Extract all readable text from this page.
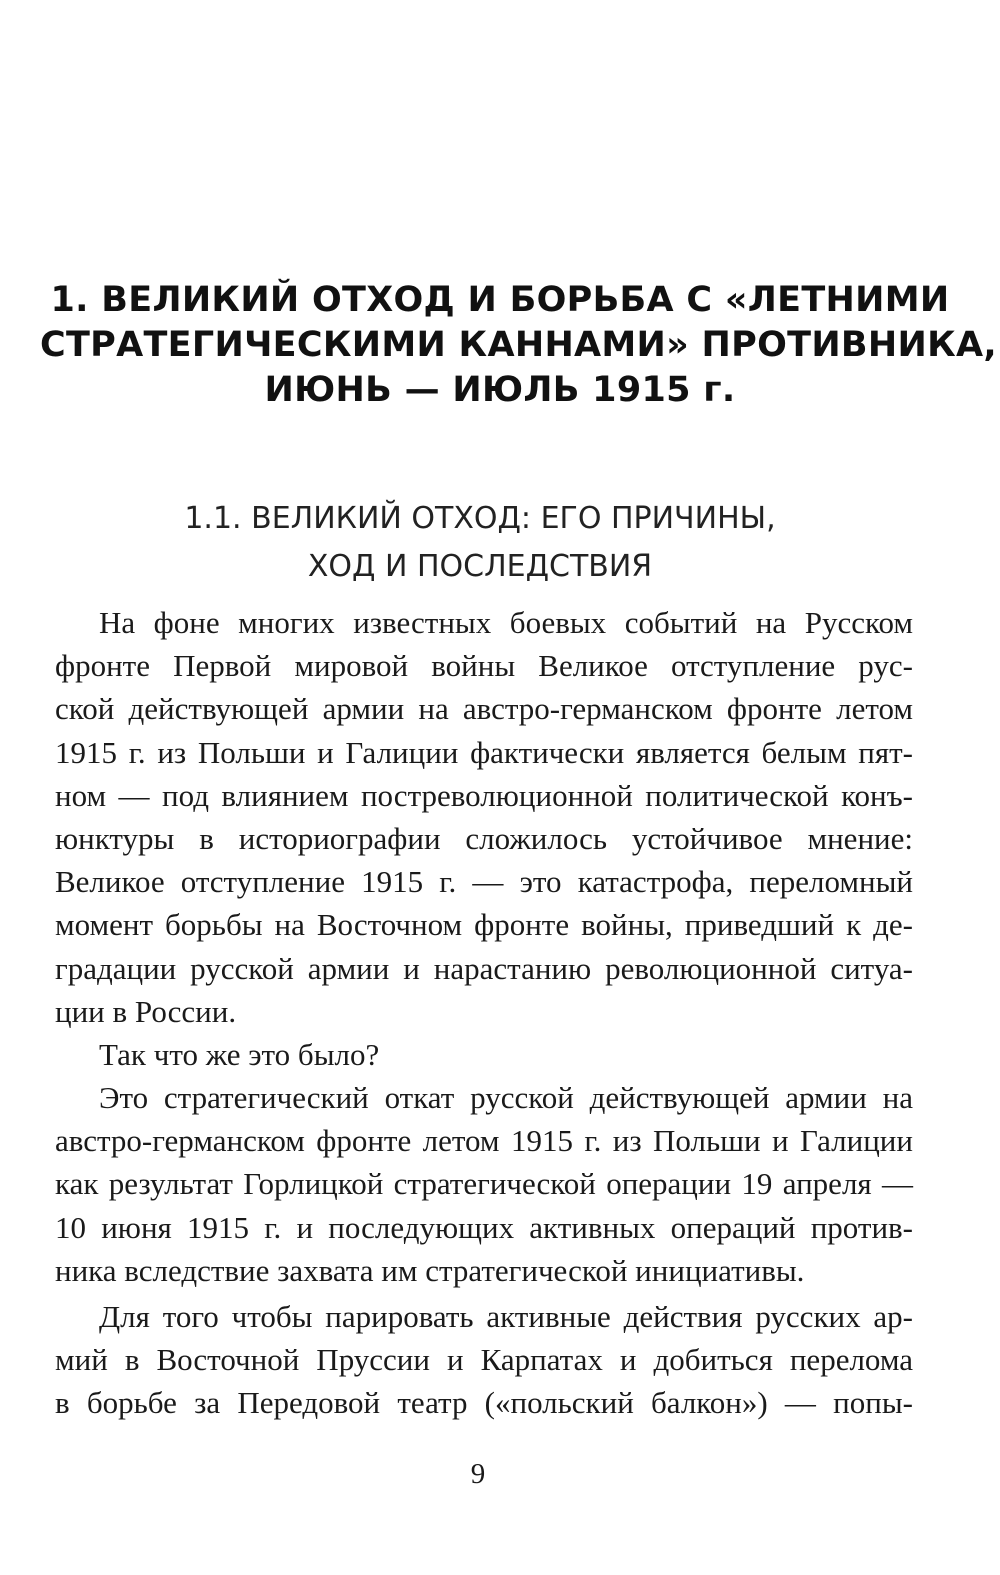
1. ВЕЛИКИЙ ОТХОД И БОРЬБА С «ЛЕТНИМИ
СТРАТЕГИЧЕСКИМИ КАННАМИ» ПРОТИВНИКА,
ИЮНЬ — ИЮЛЬ 1915 г.
1.1. ВЕЛИКИЙ ОТХОД: ЕГО ПРИЧИНЫ,
ХОД И ПОСЛЕДСТВИЯ
На фоне многих известных боевых событий на Русском
фронте Первой мировой войны Великое отступление рус-
ской действующей армии на австро-германском фронте летом
1915 г. из Польши и Галиции фактически является белым пят-
ном — под влиянием постреволюционной политической конъ-
юнктуры в историографии сложилось устойчивое мнение:
Великое отступление 1915 г. — это катастрофа, переломный
момент борьбы на Восточном фронте войны, приведший к де-
градации русской армии и нарастанию революционной ситуа-
ции в России.
Так что же это было?
Это стратегический откат русской действующей армии на
австро-германском фронте летом 1915 г. из Польши и Галиции
как результат Горлицкой стратегической операции 19 апреля —
10 июня 1915 г. и последующих активных операций против-
ника вследствие захвата им стратегической инициативы.
Для того чтобы парировать активные действия русских ар-
мий в Восточной Пруссии и Карпатах и добиться перелома
в борьбе за Передовой театр («польский балкон») — попы-
9
